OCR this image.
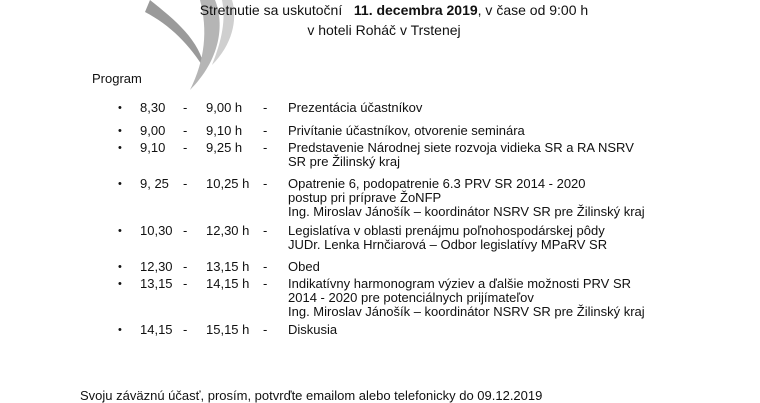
Stretnutie sa uskutoční 11. decembra 2019, v čase od 9:00 h
v hoteli Roháč v Trstenej
Program
• 8,30 - 9,00 h - Prezentácia účastníkov
• 9,00 - 9,10 h - Privítanie účastníkov, otvorenie seminára
• 9,10 - 9,25 h - Predstavenie Národnej siete rozvoja vidieka SR a RA NSRV
SR pre Žilinský kraj
• 9, 25 - 10,25 h - Opatrenie 6, podopatrenie 6.3 PRV SR 2014 - 2020
postup pri príprave ŽoNFP
Ing. Miroslav Jánošík – koordinátor NSRV SR pre Žilinský kraj
• 10,30 - 12,30 h - Legislatíva v oblasti prenájmu poľnohospodárskej pôdy
JUDr. Lenka Hrnčiarová – Odbor legislatívy MPaRV SR
• 12,30 - 13,15 h - Obed
• 13,15 - 14,15 h - Indikatívny harmonogram výziev a ďalšie možnosti PRV SR
2014 - 2020 pre potenciálnych prijímateľov
Ing. Miroslav Jánošík – koordinátor NSRV SR pre Žilinský kraj
• 14,15 - 15,15 h - Diskusia
Svoju záväznú účasť, prosím, potvrďte emailom alebo telefonicky do 09.12.2019
